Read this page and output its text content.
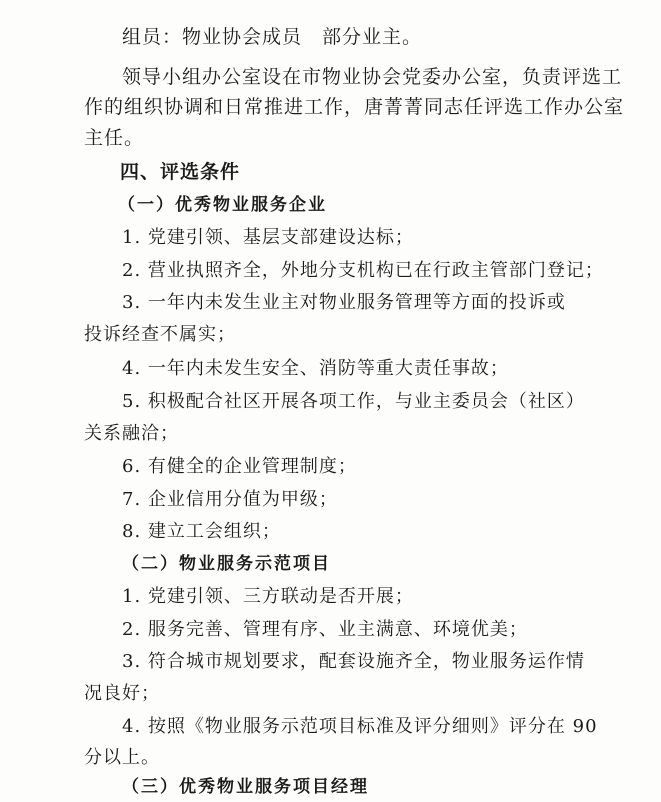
组员：物业协会成员　部分业主。
领导小组办公室设在市物业协会党委办公室，负责评选工
作的组织协调和日常推进工作，唐菁菁同志任评选工作办公室
主任。
四、评选条件
（一）优秀物业服务企业
1. 党建引领、基层支部建设达标；
2. 营业执照齐全，外地分支机构已在行政主管部门登记；
3. 一年内未发生业主对物业服务管理等方面的投诉或
投诉经查不属实；
4. 一年内未发生安全、消防等重大责任事故；
5. 积极配合社区开展各项工作，与业主委员会（社区）
关系融洽；
6. 有健全的企业管理制度；
7. 企业信用分值为甲级；
8. 建立工会组织；
（二）物业服务示范项目
1. 党建引领、三方联动是否开展；
2. 服务完善、管理有序、业主满意、环境优美；
3. 符合城市规划要求，配套设施齐全，物业服务运作情
况良好；
4. 按照《物业服务示范项目标准及评分细则》评分在 90
分以上。
（三）优秀物业服务项目经理
